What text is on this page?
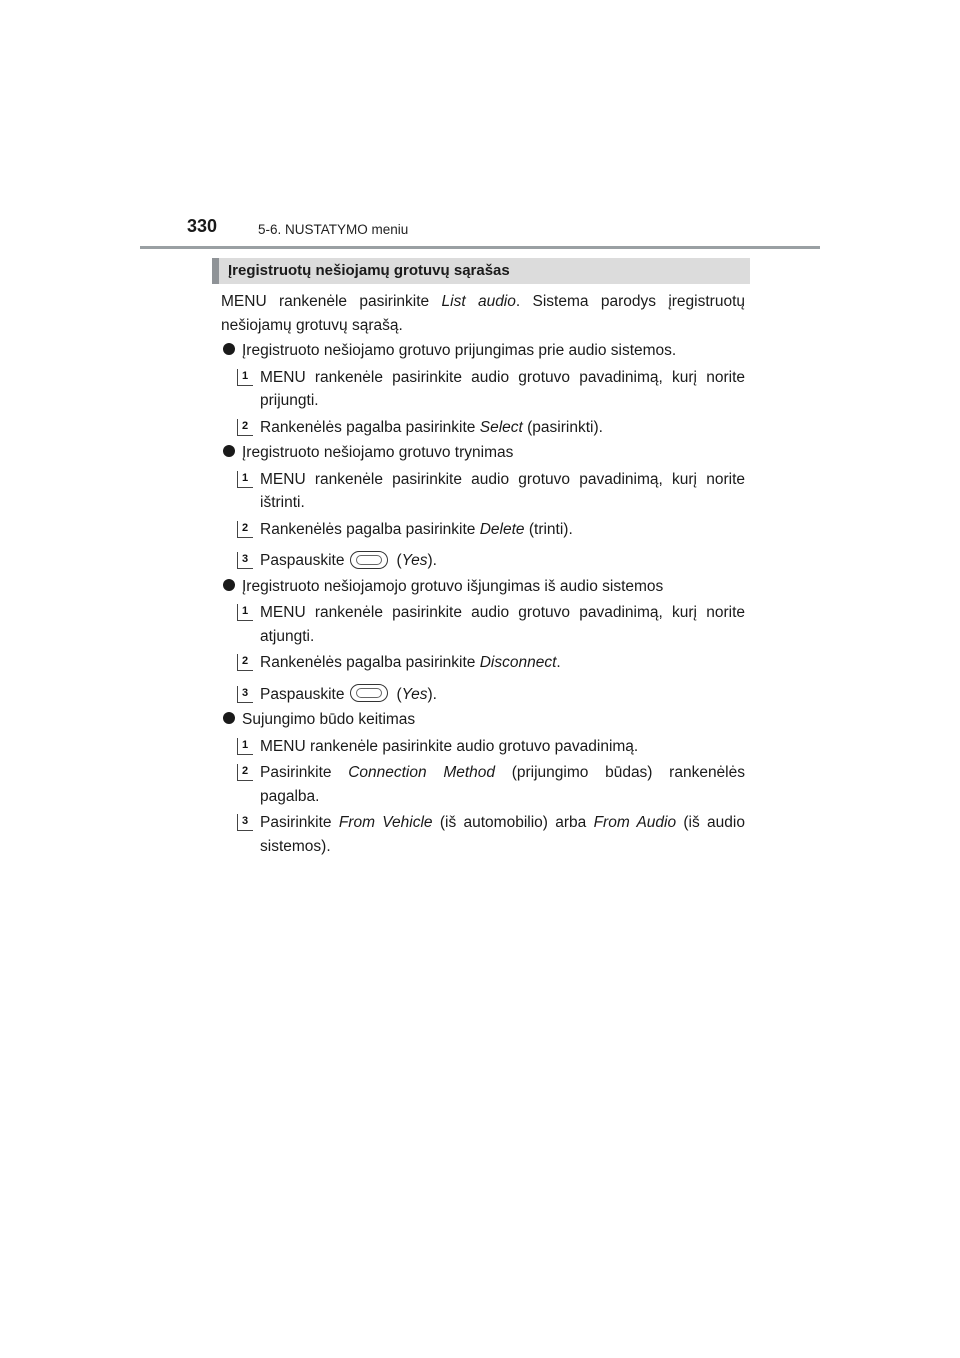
330	5-6. NUSTATYMO meniu
Įregistruotų nešiojamų grotuvų sąrašas

MENU rankenėle pasirinkite List audio. Sistema parodys įregistruotų nešiojamų grotuvų sąrašą.

Įregistruoto nešiojamo grotuvo prijungimas prie audio sistemos.
1 MENU rankenėle pasirinkite audio grotuvo pavadinimą, kurį norite prijungti.
2 Rankenėlės pagalba pasirinkite Select (pasirinkti).
Įregistruoto nešiojamo grotuvo trynimas
1 MENU rankenėle pasirinkite audio grotuvo pavadinimą, kurį norite ištrinti.
2 Rankenėlės pagalba pasirinkite Delete (trinti).
3 Paspauskite	(Yes).
Įregistruoto nešiojamojo grotuvo išjungimas iš audio sistemos
1 MENU rankenėle pasirinkite audio grotuvo pavadinimą, kurį norite atjungti.
2 Rankenėlės pagalba pasirinkite Disconnect.
3 Paspauskite	(Yes).
Sujungimo būdo keitimas
1 MENU rankenėle pasirinkite audio grotuvo pavadinimą.
2 Pasirinkite Connection Method (prijungimo būdas) rankenėlės pagalba.
3 Pasirinkite From Vehicle (iš automobilio) arba From Audio (iš audio sistemos).
